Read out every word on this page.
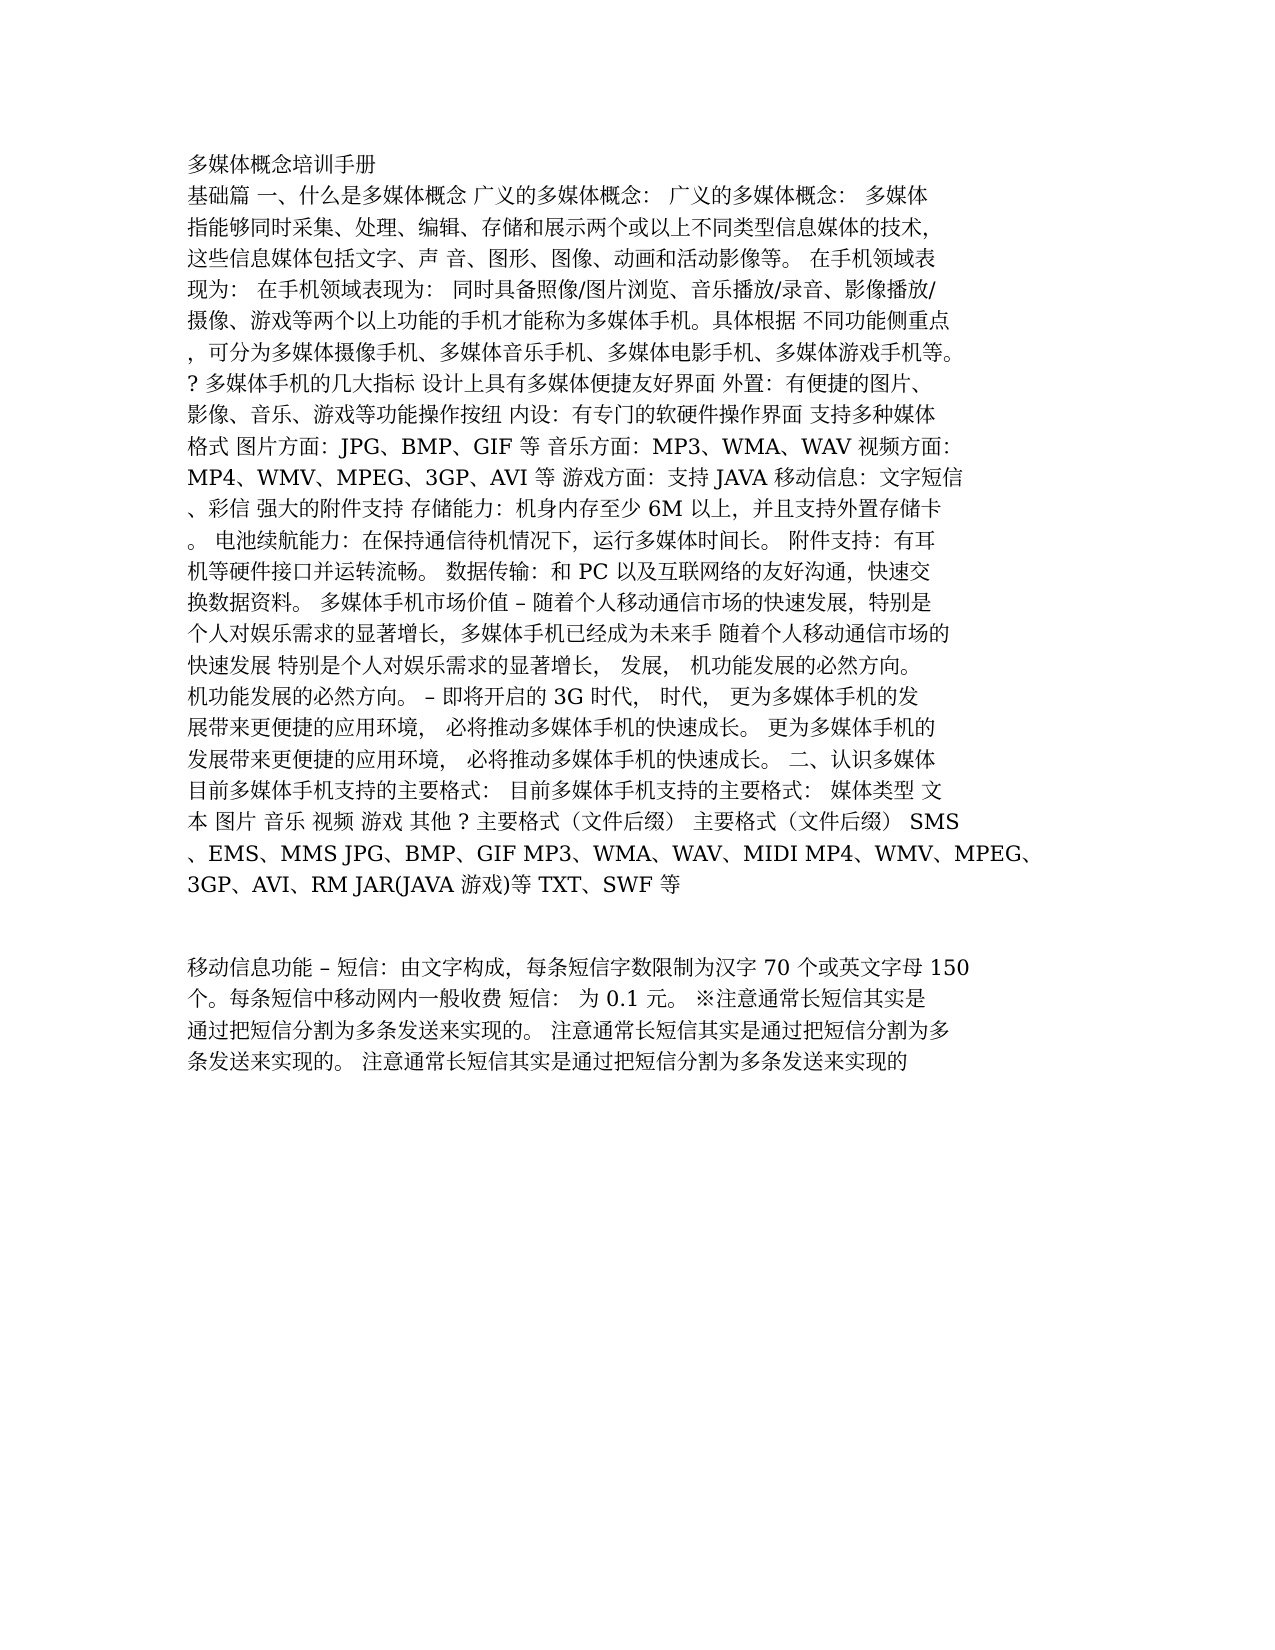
多媒体概念培训手册
基础篇 一、什么是多媒体概念 广义的多媒体概念： 广义的多媒体概念： 多媒体
指能够同时采集、处理、编辑、存储和展示两个或以上不同类型信息媒体的技术，
这些信息媒体包括文字、声 音、图形、图像、动画和活动影像等。 在手机领域表
现为： 在手机领域表现为： 同时具备照像/图片浏览、音乐播放/录音、影像播放/
摄像、游戏等两个以上功能的手机才能称为多媒体手机。具体根据 不同功能侧重点
，可分为多媒体摄像手机、多媒体音乐手机、多媒体电影手机、多媒体游戏手机等。
? 多媒体手机的几大指标 设计上具有多媒体便捷友好界面 外置：有便捷的图片、
影像、音乐、游戏等功能操作按纽 内设：有专门的软硬件操作界面 支持多种媒体
格式 图片方面：JPG、BMP、GIF 等 音乐方面：MP3、WMA、WAV 视频方面：
MP4、WMV、MPEG、3GP、AVI 等 游戏方面：支持 JAVA 移动信息：文字短信
、彩信 强大的附件支持 存储能力：机身内存至少 6M 以上，并且支持外置存储卡
。 电池续航能力：在保持通信待机情况下，运行多媒体时间长。 附件支持：有耳
机等硬件接口并运转流畅。 数据传输：和 PC 以及互联网络的友好沟通，快速交
换数据资料。 多媒体手机市场价值 – 随着个人移动通信市场的快速发展，特别是
个人对娱乐需求的显著增长，多媒体手机已经成为未来手 随着个人移动通信市场的
快速发展 特别是个人对娱乐需求的显著增长， 发展， 机功能发展的必然方向。
机功能发展的必然方向。 – 即将开启的 3G 时代， 时代， 更为多媒体手机的发
展带来更便捷的应用环境， 必将推动多媒体手机的快速成长。 更为多媒体手机的
发展带来更便捷的应用环境， 必将推动多媒体手机的快速成长。 二、认识多媒体
目前多媒体手机支持的主要格式： 目前多媒体手机支持的主要格式： 媒体类型 文
本 图片 音乐 视频 游戏 其他 ? 主要格式（文件后缀） 主要格式（文件后缀） SMS
、EMS、MMS JPG、BMP、GIF MP3、WMA、WAV、MIDI MP4、WMV、MPEG、
3GP、AVI、RM JAR(JAVA 游戏)等 TXT、SWF 等
移动信息功能 – 短信：由文字构成，每条短信字数限制为汉字 70 个或英文字母 150
个。每条短信中移动网内一般收费 短信： 为 0.1 元。 ※注意通常长短信其实是
通过把短信分割为多条发送来实现的。 注意通常长短信其实是通过把短信分割为多
条发送来实现的。 注意通常长短信其实是通过把短信分割为多条发送来实现的
